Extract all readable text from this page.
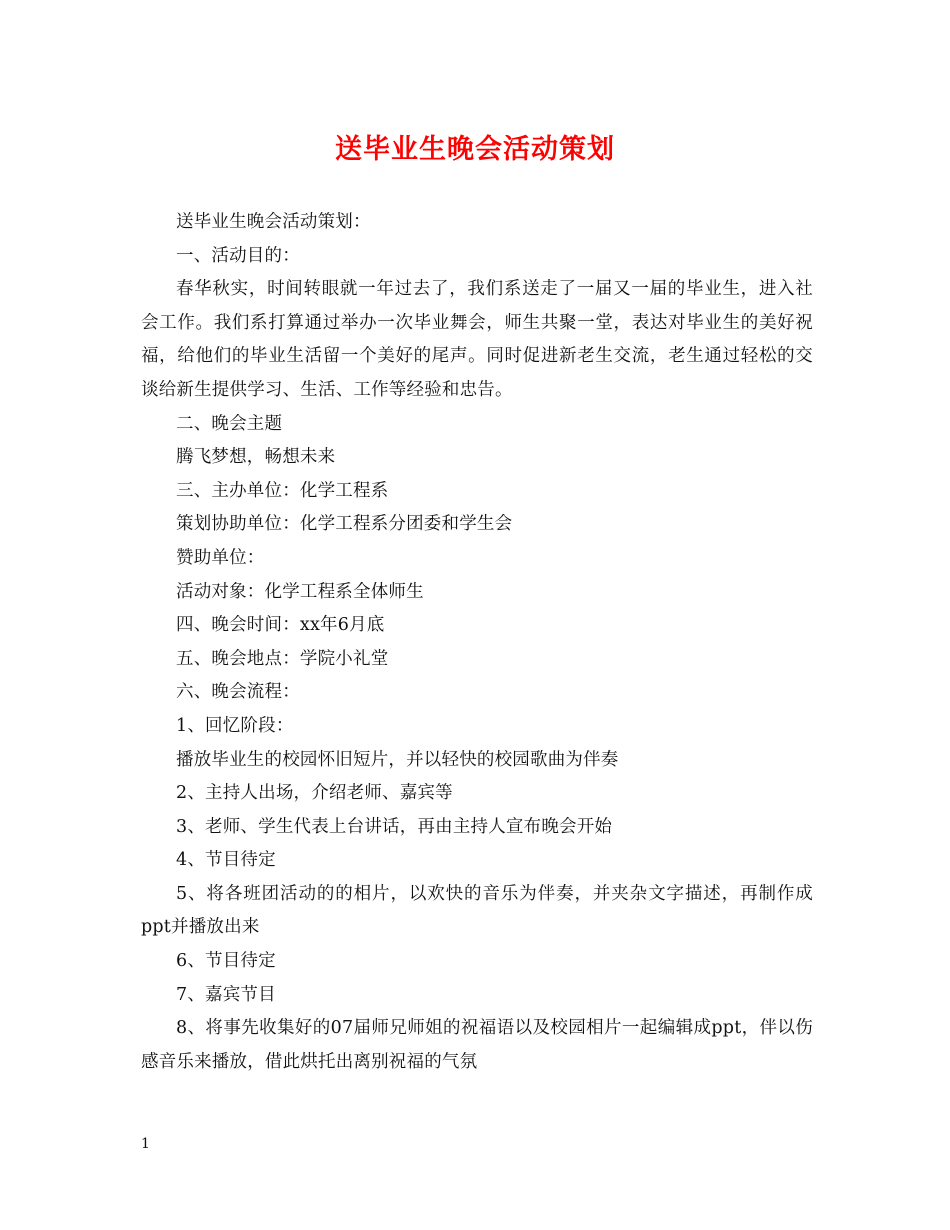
送毕业生晚会活动策划

送毕业生晚会活动策划：

一、活动目的：

春华秋实，时间转眼就一年过去了，我们系送走了一届又一届的毕业生，进入社会工作。我们系打算通过举办一次毕业舞会，师生共聚一堂，表达对毕业生的美好祝福，给他们的毕业生活留一个美好的尾声。同时促进新老生交流，老生通过轻松的交谈给新生提供学习、生活、工作等经验和忠告。

二、晚会主题

腾飞梦想，畅想未来

三、主办单位：化学工程系

策划协助单位：化学工程系分团委和学生会

赞助单位：

活动对象：化学工程系全体师生

四、晚会时间：xx年6月底

五、晚会地点：学院小礼堂

六、晚会流程：

1、回忆阶段：

播放毕业生的校园怀旧短片，并以轻快的校园歌曲为伴奏

2、主持人出场，介绍老师、嘉宾等

3、老师、学生代表上台讲话，再由主持人宣布晚会开始

4、节目待定

5、将各班团活动的的相片，以欢快的音乐为伴奏，并夹杂文字描述，再制作成ppt并播放出来

6、节目待定

7、嘉宾节目

8、将事先收集好的07届师兄师姐的祝福语以及校园相片一起编辑成ppt，伴以伤感音乐来播放，借此烘托出离别祝福的气氛

1
